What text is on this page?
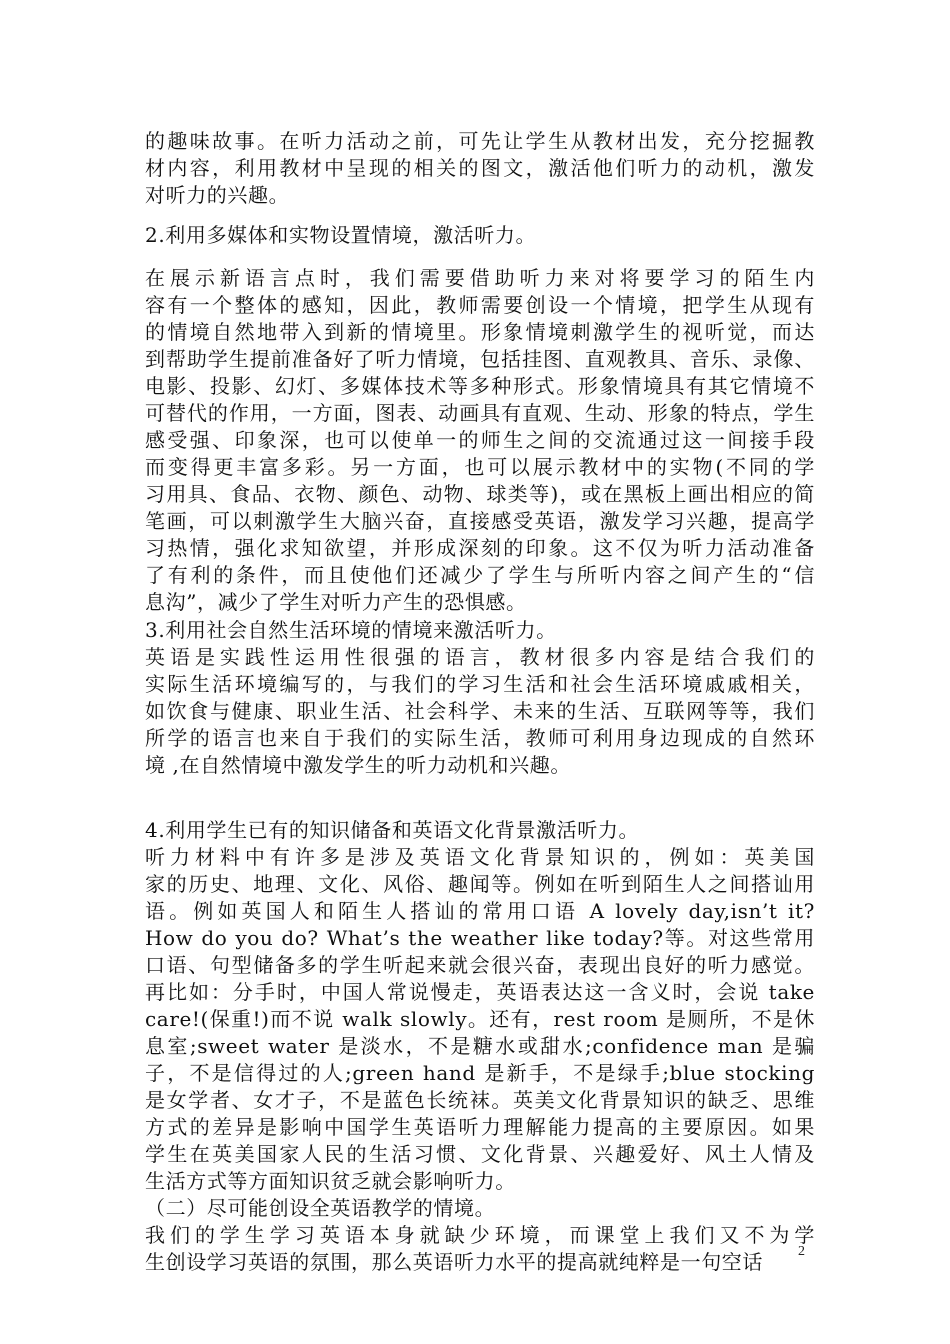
的趣味故事。在听力活动之前，可先让学生从教材出发，充分挖掘教
材内容，利用教材中呈现的相关的图文，激活他们听力的动机，激发
对听力的兴趣。
2.利用多媒体和实物设置情境，激活听力。
在展示新语言点时，我们需要借助听力来对将要学习的陌生内
容有一个整体的感知，因此，教师需要创设一个情境，把学生从现有
的情境自然地带入到新的情境里。形象情境刺激学生的视听觉，而达
到帮助学生提前准备好了听力情境，包括挂图、直观教具、音乐、录像、
电影、投影、幻灯、多媒体技术等多种形式。形象情境具有其它情境不
可替代的作用，一方面，图表、动画具有直观、生动、形象的特点，学生
感受强、印象深，也可以使单一的师生之间的交流通过这一间接手段
而变得更丰富多彩。另一方面，也可以展示教材中的实物(不同的学
习用具、食品、衣物、颜色、动物、球类等)，或在黑板上画出相应的简
笔画，可以刺激学生大脑兴奋，直接感受英语，激发学习兴趣，提高学
习热情，强化求知欲望，并形成深刻的印象。这不仅为听力活动准备
了有利的条件，而且使他们还减少了学生与所听内容之间产生的“信
息沟”，减少了学生对听力产生的恐惧感。
3.利用社会自然生活环境的情境来激活听力。
英语是实践性运用性很强的语言，教材很多内容是结合我们的
实际生活环境编写的，与我们的学习生活和社会生活环境戚戚相关，
如饮食与健康、职业生活、社会科学、未来的生活、互联网等等，我们
所学的语言也来自于我们的实际生活，教师可利用身边现成的自然环
境 ,在自然情境中激发学生的听力动机和兴趣。
4.利用学生已有的知识储备和英语文化背景激活听力。
听力材料中有许多是涉及英语文化背景知识的，例如：英美国
家的历史、地理、文化、风俗、趣闻等。例如在听到陌生人之间搭讪用
语。例如英国人和陌生人搭讪的常用口语 A lovely day,isn’t it?
How do you do? What’s the weather like today?等。对这些常用
口语、句型储备多的学生听起来就会很兴奋，表现出良好的听力感觉。
再比如：分手时，中国人常说慢走，英语表达这一含义时，会说 take
care!(保重!)而不说 walk slowly。还有，rest room 是厕所，不是休
息室;sweet water 是淡水，不是糖水或甜水;confidence man 是骗
子，不是信得过的人;green hand 是新手，不是绿手;blue stocking
是女学者、女才子，不是蓝色长统袜。英美文化背景知识的缺乏、思维
方式的差异是影响中国学生英语听力理解能力提高的主要原因。如果
学生在英美国家人民的生活习惯、文化背景、兴趣爱好、风土人情及
生活方式等方面知识贫乏就会影响听力。
（二）尽可能创设全英语教学的情境。
我们的学生学习英语本身就缺少环境，而课堂上我们又不为学
生创设学习英语的氛围，那么英语听力水平的提高就纯粹是一句空话	2
